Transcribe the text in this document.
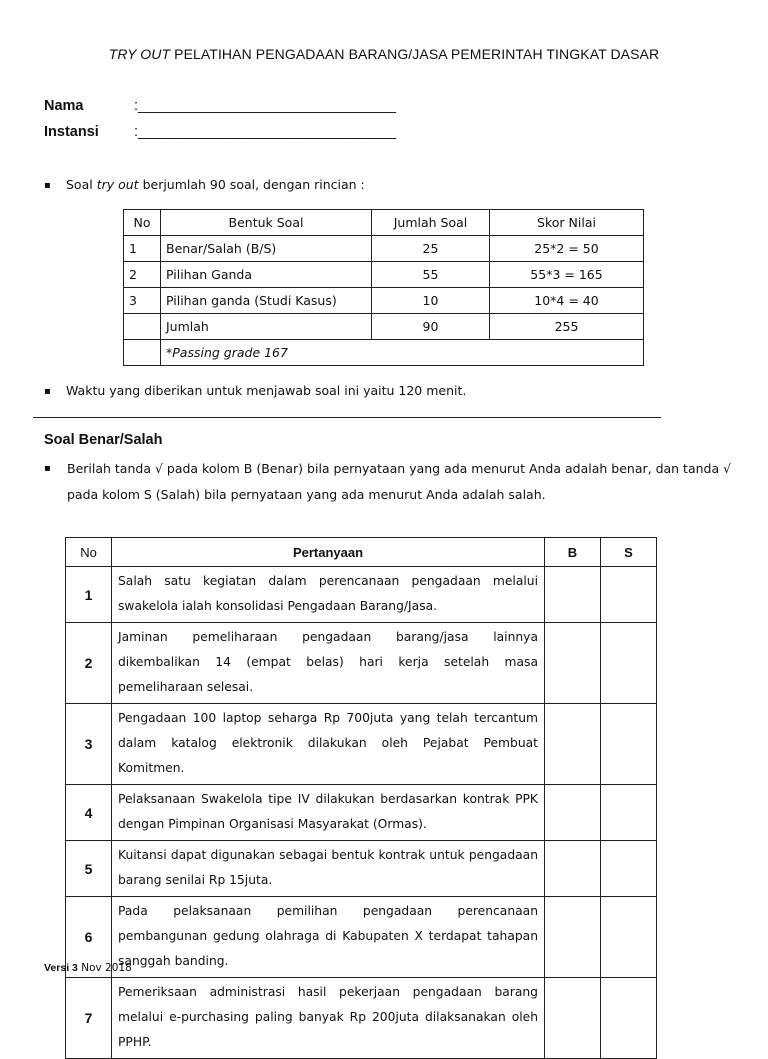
TRY OUT PELATIHAN PENGADAAN BARANG/JASA PEMERINTAH TINGKAT DASAR
Nama	:________________________________
Instansi :________________________________
▪ Soal try out berjumlah 90 soal, dengan rincian :
No	Bentuk Soal	Jumlah Soal	Skor Nilai
1	Benar/Salah (B/S)	25	25*2 = 50
2	Pilihan Ganda	55	55*3 = 165
3	Pilihan ganda (Studi Kasus)	10	10*4 = 40
	Jumlah	90	255
	*Passing grade 167		
▪ Waktu yang diberikan untuk menjawab soal ini yaitu 120 menit.
Soal Benar/Salah
▪ Berilah tanda √ pada kolom B (Benar) bila pernyataan yang ada menurut Anda adalah benar, dan tanda √ pada kolom S (Salah) bila pernyataan yang ada menurut Anda adalah salah.
No	Pertanyaan	B	S
1	Salah satu kegiatan dalam perencanaan pengadaan melalui swakelola ialah konsolidasi Pengadaan Barang/Jasa.		
2	Jaminan pemeliharaan pengadaan barang/jasa lainnya dikembalikan 14 (empat belas) hari kerja setelah masa pemeliharaan selesai.		
3	Pengadaan 100 laptop seharga Rp 700juta yang telah tercantum dalam katalog elektronik dilakukan oleh Pejabat Pembuat Komitmen.		
4	Pelaksanaan Swakelola tipe IV dilakukan berdasarkan kontrak PPK dengan Pimpinan Organisasi Masyarakat (Ormas).		
5	Kuitansi dapat digunakan sebagai bentuk kontrak untuk pengadaan barang senilai Rp 15juta.		
6	Pada pelaksanaan pemilihan pengadaan perencanaan pembangunan gedung olahraga di Kabupaten X terdapat tahapan sanggah banding.		
7	Pemeriksaan administrasi hasil pekerjaan pengadaan barang melalui e-purchasing paling banyak Rp 200juta dilaksanakan oleh PPHP.		
Versi 3 Nov 2018
